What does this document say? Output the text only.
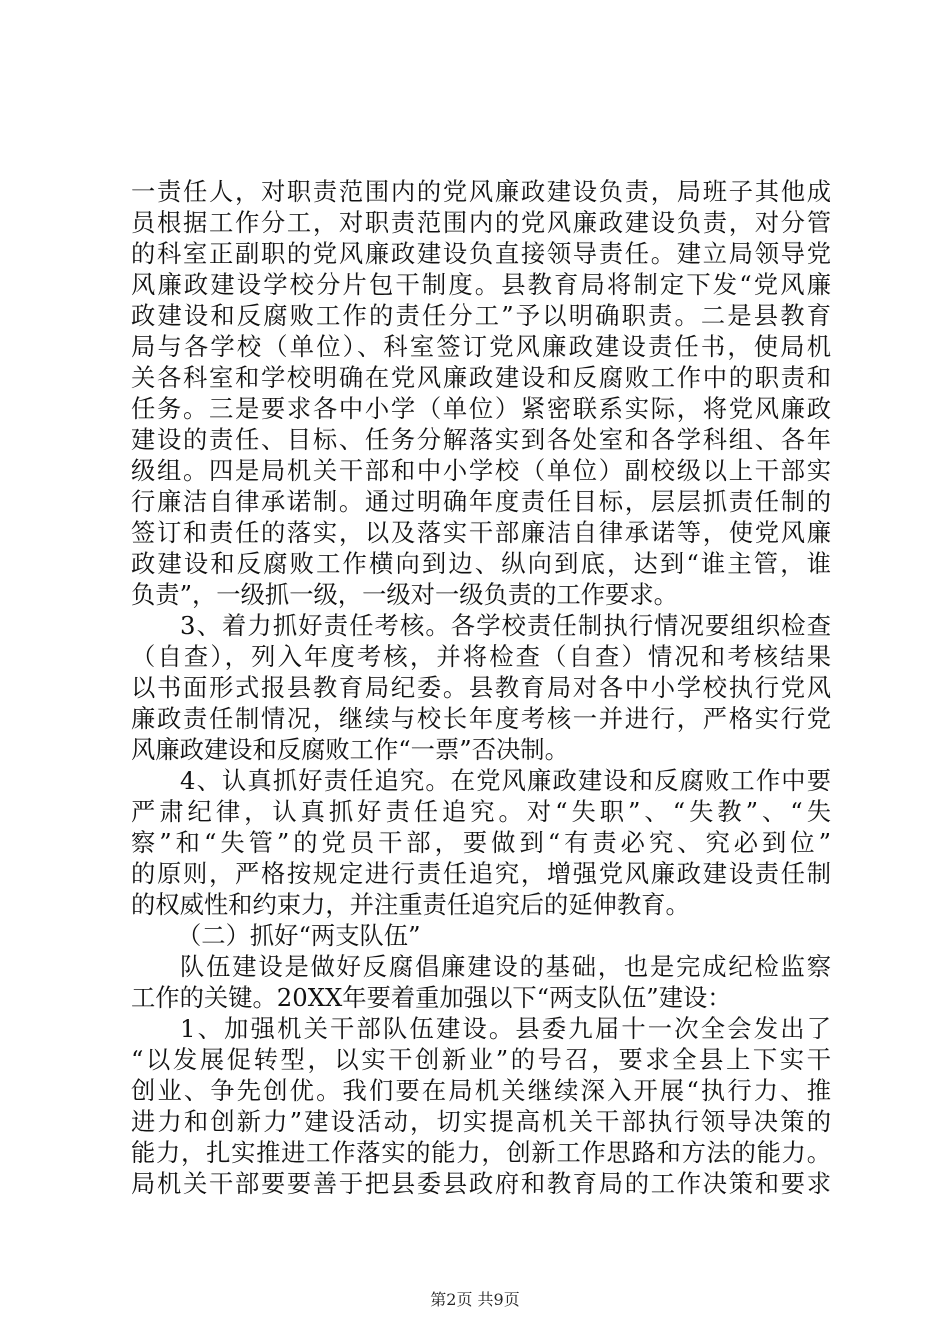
一责任人，对职责范围内的党风廉政建设负责，局班子其他成
员根据工作分工，对职责范围内的党风廉政建设负责，对分管
的科室正副职的党风廉政建设负直接领导责任。建立局领导党
风廉政建设学校分片包干制度。县教育局将制定下发“党风廉
政建设和反腐败工作的责任分工”予以明确职责。二是县教育
局与各学校（单位）、科室签订党风廉政建设责任书，使局机
关各科室和学校明确在党风廉政建设和反腐败工作中的职责和
任务。三是要求各中小学（单位）紧密联系实际，将党风廉政
建设的责任、目标、任务分解落实到各处室和各学科组、各年
级组。四是局机关干部和中小学校（单位）副校级以上干部实
行廉洁自律承诺制。通过明确年度责任目标，层层抓责任制的
签订和责任的落实，以及落实干部廉洁自律承诺等，使党风廉
政建设和反腐败工作横向到边、纵向到底，达到“谁主管，谁
负责”，一级抓一级，一级对一级负责的工作要求。
3、着力抓好责任考核。各学校责任制执行情况要组织检查
（自查），列入年度考核，并将检查（自查）情况和考核结果
以书面形式报县教育局纪委。县教育局对各中小学校执行党风
廉政责任制情况，继续与校长年度考核一并进行，严格实行党
风廉政建设和反腐败工作“一票”否决制。
4、认真抓好责任追究。在党风廉政建设和反腐败工作中要
严肃纪律，认真抓好责任追究。对“失职”、“失教”、“失
察”和“失管”的党员干部，要做到“有责必究、究必到位”
的原则，严格按规定进行责任追究，增强党风廉政建设责任制
的权威性和约束力，并注重责任追究后的延伸教育。
（二）抓好“两支队伍”
队伍建设是做好反腐倡廉建设的基础，也是完成纪检监察
工作的关键。20XX年要着重加强以下“两支队伍”建设：
1、加强机关干部队伍建设。县委九届十一次全会发出了
“以发展促转型，以实干创新业”的号召，要求全县上下实干
创业、争先创优。我们要在局机关继续深入开展“执行力、推
进力和创新力”建设活动，切实提高机关干部执行领导决策的
能力，扎实推进工作落实的能力，创新工作思路和方法的能力。
局机关干部要要善于把县委县政府和教育局的工作决策和要求
第2页 共9页
